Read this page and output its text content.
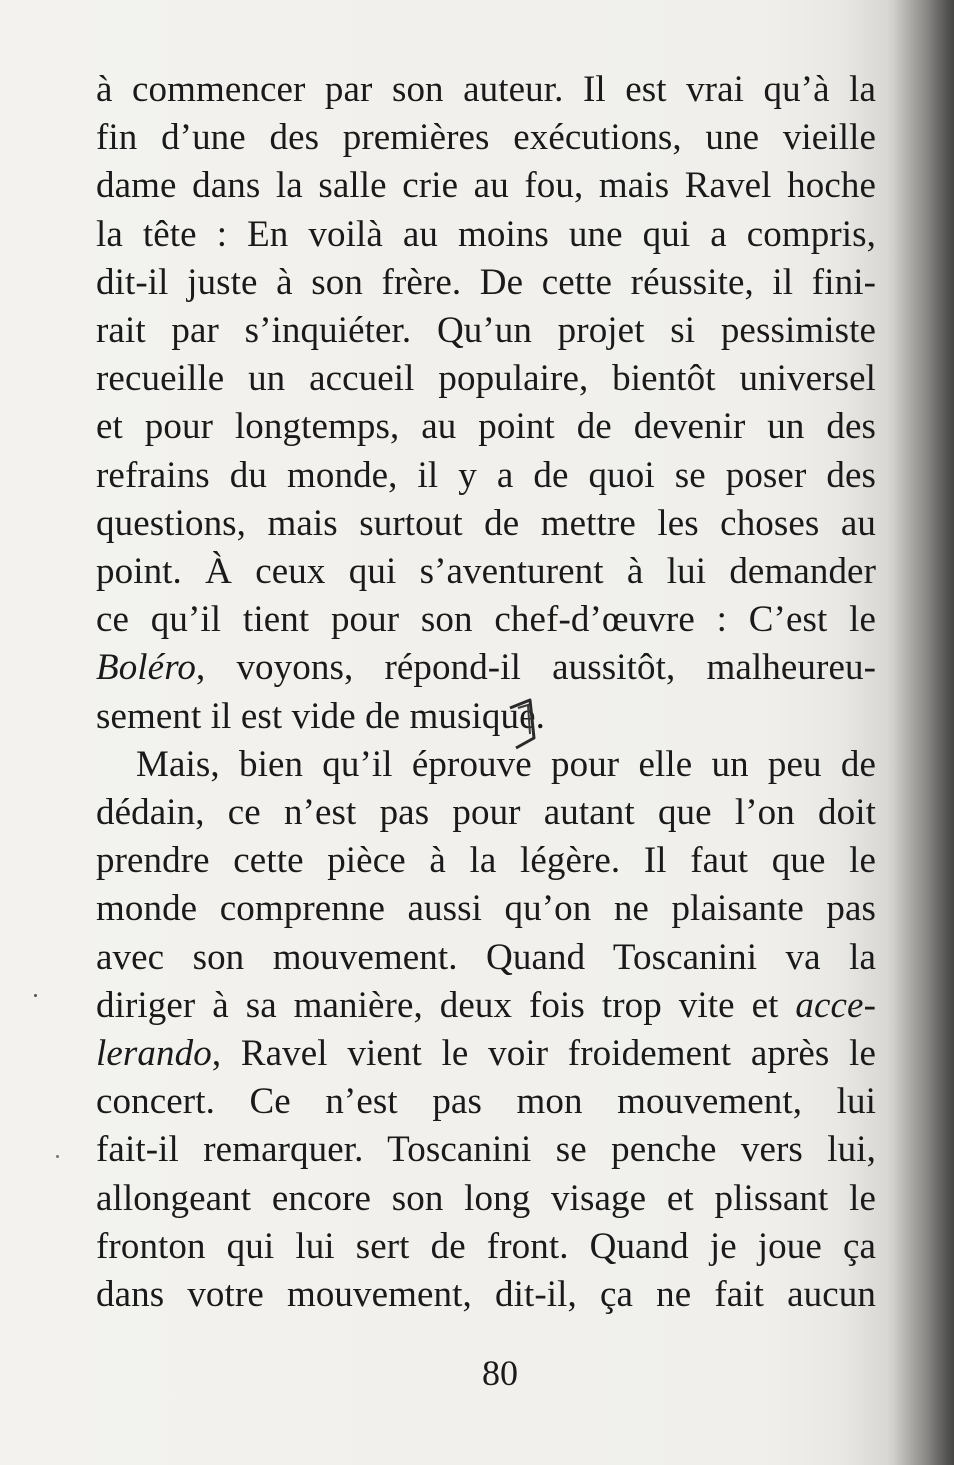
à commencer par son auteur. Il est vrai qu’à la
fin d’une des premières exécutions, une vieille
dame dans la salle crie au fou, mais Ravel hoche
la tête : En voilà au moins une qui a compris,
dit-il juste à son frère. De cette réussite, il fini-
rait par s’inquiéter. Qu’un projet si pessimiste
recueille un accueil populaire, bientôt universel
et pour longtemps, au point de devenir un des
refrains du monde, il y a de quoi se poser des
questions, mais surtout de mettre les choses au
point. À ceux qui s’aventurent à lui demander
ce qu’il tient pour son chef-d’œuvre : C’est le
Boléro, voyons, répond-il aussitôt, malheureu-
sement il est vide de musique.
Mais, bien qu’il éprouve pour elle un peu de
dédain, ce n’est pas pour autant que l’on doit
prendre cette pièce à la légère. Il faut que le
monde comprenne aussi qu’on ne plaisante pas
avec son mouvement. Quand Toscanini va la
diriger à sa manière, deux fois trop vite et acce-
lerando, Ravel vient le voir froidement après le
concert. Ce n’est pas mon mouvement, lui
fait-il remarquer. Toscanini se penche vers lui,
allongeant encore son long visage et plissant le
fronton qui lui sert de front. Quand je joue ça
dans votre mouvement, dit-il, ça ne fait aucun
80
